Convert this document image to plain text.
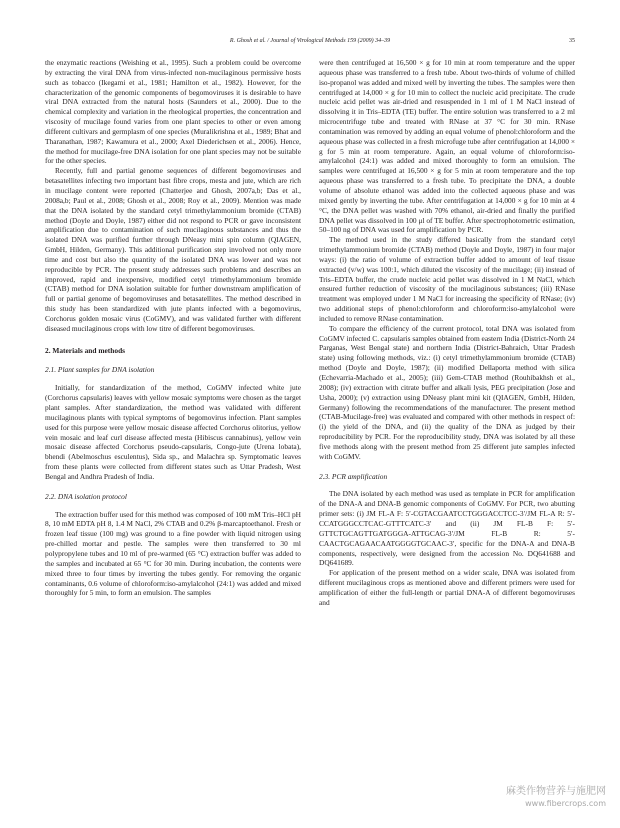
R. Ghosh et al. / Journal of Virological Methods 159 (2009) 34–39	35

the enzymatic reactions (Weishing et al., 1995). Such a problem could be overcome by extracting the viral DNA from virus-infected non-mucilaginous permissive hosts such as tobacco (Ikegami et al., 1981; Hamilton et al., 1982). However, for the characterization of the genomic components of begomoviruses it is desirable to have viral DNA extracted from the natural hosts (Saunders et al., 2000). Due to the chemical complexity and variation in the rheological properties, the concentration and viscosity of mucilage found varies from one plant species to other or even among different cultivars and germplasm of one species (Muralikrishna et al., 1989; Bhat and Tharanathan, 1987; Kawamura et al., 2000; Axel Diederichsen et al., 2006). Hence, the method for mucilage-free DNA isolation for one plant species may not be suitable for the other species.

Recently, full and partial genome sequences of different begomoviruses and betasatellites infecting two important bast fibre crops, mesta and jute, which are rich in mucilage content were reported (Chatterjee and Ghosh, 2007a,b; Das et al., 2008a,b; Paul et al., 2008; Ghosh et al., 2008; Roy et al., 2009). Mention was made that the DNA isolated by the standard cetyl trimethylammonium bromide (CTAB) method (Doyle and Doyle, 1987) either did not respond to PCR or gave inconsistent amplification due to contamination of such mucilaginous substances and thus the isolated DNA was purified further through DNeasy mini spin column (QIAGEN, GmbH, Hilden, Germany). This additional purification step involved not only more time and cost but also the quantity of the isolated DNA was lower and was not reproducible by PCR. The present study addresses such problems and describes an improved, rapid and inexpensive, modified cetyl trimethylammonium bromide (CTAB) method for DNA isolation suitable for further downstream amplification of full or partial genome of begomoviruses and betasatellites. The method described in this study has been standardized with jute plants infected with a begomovirus, Corchorus golden mosaic virus (CoGMV), and was validated further with different diseased mucilaginous crops with low titre of different begomoviruses.

2. Materials and methods
2.1. Plant samples for DNA isolation

Initially, for standardization of the method, CoGMV infected white jute (Corchorus capsularis) leaves with yellow mosaic symptoms were chosen as the target plant samples. After standardization, the method was validated with different mucilaginous plants with typical symptoms of begomovirus infection. Plant samples used for this purpose were yellow mosaic disease affected Corchorus olitorius, yellow vein mosaic and leaf curl disease affected mesta (Hibiscus cannabinus), yellow vein mosaic disease affected Corchorus pseudo-capsularis, Congo-jute (Urena lobata), bhendi (Abelmoschus esculentus), Sida sp., and Malachra sp. Symptomatic leaves from these plants were collected from different states such as Uttar Pradesh, West Bengal and Andhra Pradesh of India.

2.2. DNA isolation protocol

The extraction buffer used for this method was composed of 100 mM Tris–HCl pH 8, 10 mM EDTA pH 8, 1.4 M NaCl, 2% CTAB and 0.2% β-marcaptoethanol. Fresh or frozen leaf tissue (100 mg) was ground to a fine powder with liquid nitrogen using pre-chilled mortar and pestle. The samples were then transferred to 30 ml polypropylene tubes and 10 ml of pre-warmed (65 °C) extraction buffer was added to the samples and incubated at 65 °C for 30 min. During incubation, the contents were mixed three to four times by inverting the tubes gently. For removing the organic contaminants, 0.6 volume of chloroform:iso-amylalcohol (24:1) was added and mixed thoroughly for 5 min, to form an emulsion. The samples

were then centrifuged at 16,500 × g for 10 min at room temperature and the upper aqueous phase was transferred to a fresh tube. About two-thirds of volume of chilled iso-propanol was added and mixed well by inverting the tubes. The samples were then centrifuged at 14,000 × g for 10 min to collect the nucleic acid precipitate. The crude nucleic acid pellet was air-dried and resuspended in 1 ml of 1 M NaCl instead of dissolving it in Tris–EDTA (TE) buffer. The entire solution was transferred to a 2 ml microcentrifuge tube and treated with RNase at 37 °C for 30 min. RNase contamination was removed by adding an equal volume of phenol:chloroform and the aqueous phase was collected in a fresh microfuge tube after centrifugation at 14,000 × g for 5 min at room temperature. Again, an equal volume of chloroform:iso-amylalcohol (24:1) was added and mixed thoroughly to form an emulsion. The samples were centrifuged at 16,500 × g for 5 min at room temperature and the top aqueous phase was transferred to a fresh tube. To precipitate the DNA, a double volume of absolute ethanol was added into the collected aqueous phase and was mixed gently by inverting the tube. After centrifugation at 14,000 × g for 10 min at 4 °C, the DNA pellet was washed with 70% ethanol, air-dried and finally the purified DNA pellet was dissolved in 100 μl of TE buffer. After spectrophotometric estimation, 50–100 ng of DNA was used for amplification by PCR.

The method used in the study differed basically from the standard cetyl trimethylammonium bromide (CTAB) method (Doyle and Doyle, 1987) in four major ways: (i) the ratio of volume of extraction buffer added to amount of leaf tissue extracted (v/w) was 100:1, which diluted the viscosity of the mucilage; (ii) instead of Tris–EDTA buffer, the crude nucleic acid pellet was dissolved in 1 M NaCl, which ensured further reduction of viscosity of the mucilaginous substances; (iii) RNase treatment was employed under 1 M NaCl for increasing the specificity of RNase; (iv) two additional steps of phenol:chloroform and chloroform:iso-amylalcohol were included to remove RNase contamination.

To compare the efficiency of the current protocol, total DNA was isolated from CoGMV infected C. capsularis samples obtained from eastern India (District-North 24 Parganas, West Bengal state) and northern India (District-Bahraich, Uttar Pradesh state) using following methods, viz.: (i) cetyl trimethylammonium bromide (CTAB) method (Doyle and Doyle, 1987); (ii) modified Dellaporta method with silica (Echevarria-Machado et al., 2005); (iii) Gem-CTAB method (Rouhibakhsh et al., 2008); (iv) extraction with citrate buffer and alkali lysis, PEG precipitation (Jose and Usha, 2000); (v) extraction using DNeasy plant mini kit (QIAGEN, GmbH, Hilden, Germany) following the recommendations of the manufacturer. The present method (CTAB-Mucilage-free) was evaluated and compared with other methods in respect of: (i) the yield of the DNA, and (ii) the quality of the DNA as judged by their reproducibility by PCR. For the reproducibility study, DNA was isolated by all these five methods along with the present method from 25 different jute samples infected with CoGMV.

2.3. PCR amplification

The DNA isolated by each method was used as template in PCR for amplification of the DNA-A and DNA-B genomic components of CoGMV. For PCR, two abutting primer sets: (i) JM FL-A F: 5′-CGTACGAATCCTGGGACCTCC-3′/JM FL-A R: 5′-CCATGGGCCTCAC-GTTTCATC-3′ and (ii) JM FL-B F: 5′-GTTCTGCAGTTGATGGGA-ATTGCAG-3′/JM FL-B R: 5′-CAACTGCAGAACAATGGGGTGCAAC-3′, specific for the DNA-A and DNA-B components, respectively, were designed from the accession No. DQ641688 and DQ641689.

For application of the present method on a wider scale, DNA was isolated from different mucilaginous crops as mentioned above and different primers were used for amplification of either the full-length or partial DNA-A of different begomoviruses and

麻类作物营养与施肥网
www.fibercrops.com
